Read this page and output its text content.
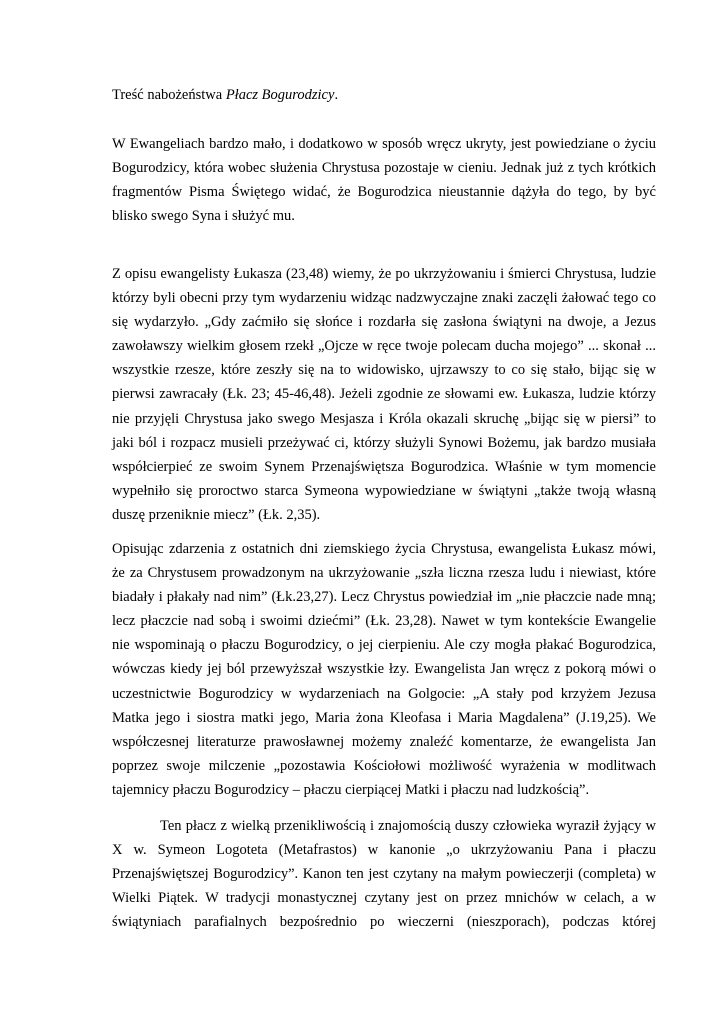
Treść nabożeństwa Płacz Bogurodzicy.
W Ewangeliach bardzo mało, i dodatkowo w sposób wręcz ukryty, jest powiedziane o życiu
Bogurodzicy, która wobec służenia Chrystusa pozostaje w cieniu. Jednak już z tych krótkich
fragmentów Pisma Świętego widać, że Bogurodzica nieustannie dążyła do tego, by być
blisko swego Syna i służyć mu.
Z opisu ewangelisty Łukasza (23,48) wiemy, że po ukrzyżowaniu i śmierci Chrystusa, ludzie
którzy byli obecni przy tym wydarzeniu widząc nadzwyczajne znaki zaczęli żałować tego co
się wydarzyło. „Gdy zaćmiło się słońce i rozdarła się zasłona świątyni na dwoje, a Jezus
zawoławszy wielkim głosem rzekł „Ojcze w ręce twoje polecam ducha mojego” ... skonał ...
wszystkie rzesze, które zeszły się na to widowisko, ujrzawszy to co się stało, bijąc się w
pierwsi zawracały (Łk. 23; 45-46,48). Jeżeli zgodnie ze słowami ew. Łukasza, ludzie którzy
nie przyjęli Chrystusa jako swego Mesjasza i Króla okazali skruchę „bijąc się w piersi” to
jaki ból i rozpacz musieli przeżywać ci, którzy służyli Synowi Bożemu, jak bardzo musiała
współcierpieć ze swoim Synem Przenajświętsza Bogurodzica. Właśnie w tym momencie
wypełniło się proroctwo starca Symeona wypowiedziane w świątyni „także twoją własną
duszę przeniknie miecz” (Łk. 2,35).
Opisując zdarzenia z ostatnich dni ziemskiego życia Chrystusa, ewangelista Łukasz mówi,
że za Chrystusem prowadzonym na ukrzyżowanie „szła liczna rzesza ludu i niewiast, które
biadały i płakały nad nim” (Łk.23,27). Lecz Chrystus powiedział im „nie płaczcie nade mną;
lecz płaczcie nad sobą i swoimi dziećmi” (Łk. 23,28). Nawet w tym kontekście Ewangelie
nie wspominają o płaczu Bogurodzicy, o jej cierpieniu. Ale czy mogła płakać Bogurodzica,
wówczas kiedy jej ból przewyższał wszystkie łzy. Ewangelista Jan wręcz z pokorą mówi o
uczestnictwie Bogurodzicy w wydarzeniach na Golgocie: „A stały pod krzyżem Jezusa
Matka jego i siostra matki jego, Maria żona Kleofasa i Maria Magdalena” (J.19,25). We
współczesnej literaturze prawosławnej możemy znaleźć komentarze, że ewangelista Jan
poprzez swoje milczenie „pozostawia Kościołowi możliwość wyrażenia w modlitwach
tajemnicy płaczu Bogurodzicy – płaczu cierpiącej Matki i płaczu nad ludzkością”.
Ten płacz z wielką przenikliwością i znajomością duszy człowieka wyraził żyjący w
X w. Symeon Logoteta (Metafrastos) w kanonie „o ukrzyżowaniu Pana i płaczu
Przenajświętszej Bogurodzicy”. Kanon ten jest czytany na małym powieczerji (completa) w
Wielki Piątek. W tradycji monastycznej czytany jest on przez mnichów w celach, a w
świątyniach parafialnych bezpośrednio po wieczerni (nieszporach), podczas której
